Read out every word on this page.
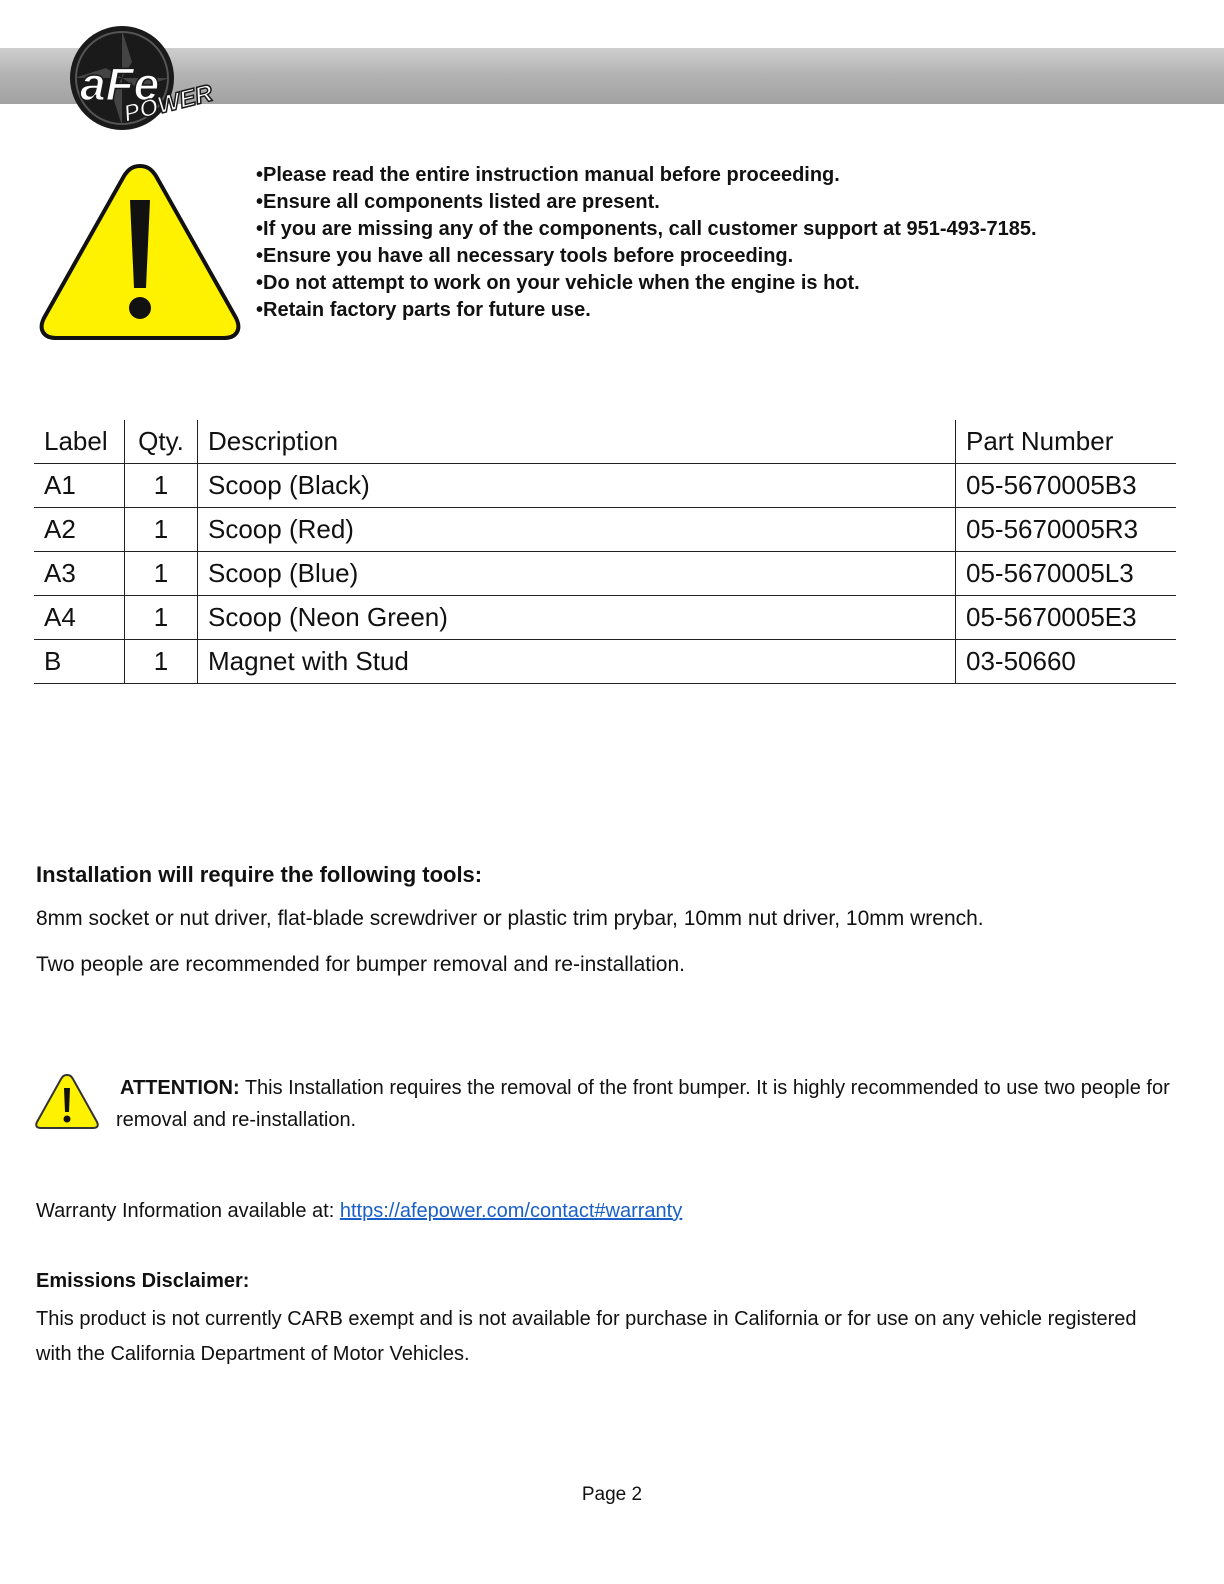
aFe
POWER
• Please read the entire instruction manual before proceeding.
• Ensure all components listed are present.
• If you are missing any of the components, call customer support at 951-493-7185.
• Ensure you have all necessary tools before proceeding.
• Do not attempt to work on your vehicle when the engine is hot.
• Retain factory parts for future use.
Label	Qty.	Description	Part Number
A1	1	Scoop (Black)	05-5670005B3
A2	1	Scoop (Red)	05-5670005R3
A3	1	Scoop (Blue)	05-5670005L3
A4	1	Scoop (Neon Green)	05-5670005E3
B	1	Magnet with Stud	03-50660
Installation will require the following tools:
8mm socket or nut driver, flat-blade screwdriver or plastic trim prybar, 10mm nut driver, 10mm wrench.
Two people are recommended for bumper removal and re-installation.
ATTENTION: This Installation requires the removal of the front bumper. It is highly recommended to use two people for removal and re-installation.
Warranty Information available at: https://afepower.com/contact#warranty
Emissions Disclaimer:
This product is not currently CARB exempt and is not available for purchase in California or for use on any vehicle registered with the California Department of Motor Vehicles.
Page 2
